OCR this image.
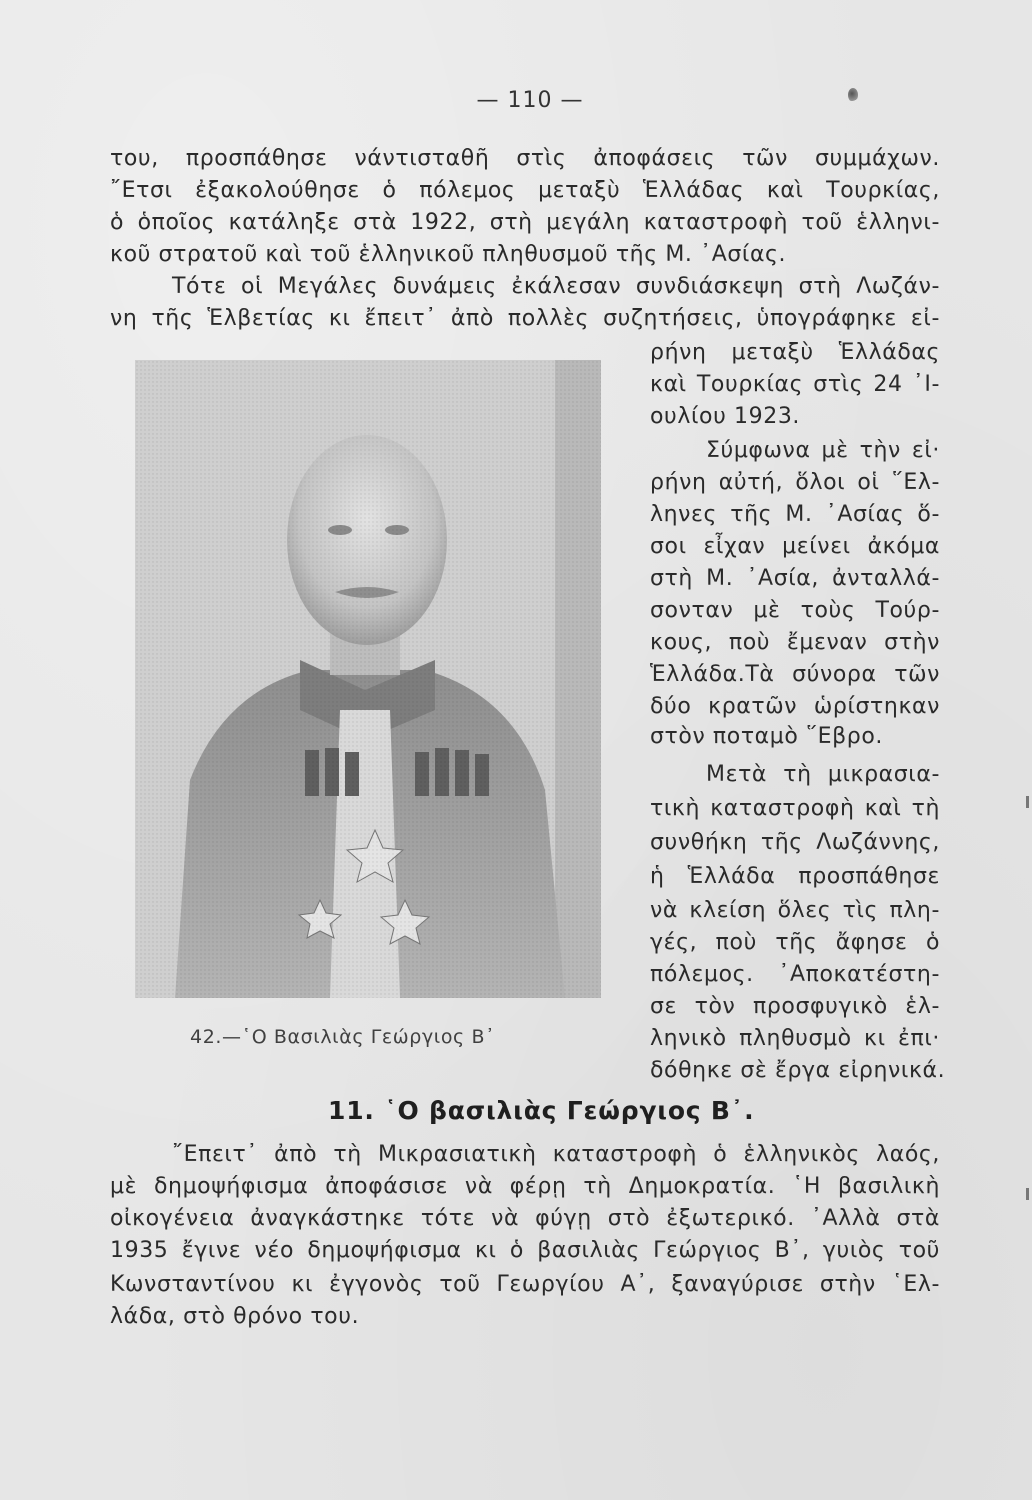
— 110 —
του, προσπάθησε νάντισταθῆ στὶς ἀποφάσεις τῶν συμμάχων.
῎Ετσι ἐξακολούθησε ὁ πόλεμος μεταξὺ Ἑλλάδας καὶ Τουρκίας,
ὁ ὁποῖος κατάληξε στὰ 1922, στὴ μεγάλη καταστροφὴ τοῦ ἑλληνι-
κοῦ στρατοῦ καὶ τοῦ ἑλληνικοῦ πληθυσμοῦ τῆς Μ. ᾿Ασίας.
Τότε οἱ Μεγάλες δυνάμεις ἐκάλεσαν συνδιάσκεψη στὴ Λωζάν-
νη τῆς Ἑλβετίας κι ἔπειτ᾿ ἀπὸ πολλὲς συζητήσεις, ὑπογράφηκε εἰ-
ρήνη μεταξὺ Ἑλλάδας
καὶ Τουρκίας στὶς 24 ᾿Ι-
ουλίου 1923.
Σύμφωνα μὲ τὴν εἰ·
ρήνη αὐτή, ὅλοι οἱ ῞Ελ-
ληνες τῆς Μ. ᾿Ασίας ὅ-
σοι εἶχαν μείνει ἀκόμα
στὴ Μ. ᾿Ασία, ἀνταλλά-
σονταν μὲ τοὺς Τούρ-
κους, ποὺ ἔμεναν στὴν
Ἑλλάδα.Τὰ σύνορα τῶν
δύο κρατῶν ὡρίστηκαν
στὸν ποταμὸ ῞Εβρο.
Μετὰ τὴ μικρασια-
τικὴ καταστροφὴ καὶ τὴ
συνθήκη τῆς Λωζάννης,
ἡ Ἑλλάδα προσπάθησε
νὰ κλείση ὅλες τὶς πλη-
γές, ποὺ τῆς ἄφησε ὁ
πόλεμος. ᾿Αποκατέστη-
σε τὸν προσφυγικὸ ἑλ-
ληνικὸ πληθυσμὸ κι ἐπι·
δόθηκε σὲ ἔργα εἰρηνικά.
42.—῾Ο Βασιλιὰς Γεώργιος Β᾿
11. ῾Ο βασιλιὰς Γεώργιος Β᾿.
῎Επειτ᾿ ἀπὸ τὴ Μικρασιατικὴ καταστροφὴ ὁ ἑλληνικὸς λαός,
μὲ δημοψήφισμα ἀποφάσισε νὰ φέρῃ τὴ Δημοκρατία. ῾Η βασιλικὴ
οἰκογένεια ἀναγκάστηκε τότε νὰ φύγῃ στὸ ἐξωτερικό. ᾿Αλλὰ στὰ
1935 ἔγινε νέο δημοψήφισμα κι ὁ βασιλιὰς Γεώργιος Β᾿, γυιὸς τοῦ
Κωνσταντίνου κι ἐγγονὸς τοῦ Γεωργίου Α᾿, ξαναγύρισε στὴν ῾Ελ-
λάδα, στὸ θρόνο του.
